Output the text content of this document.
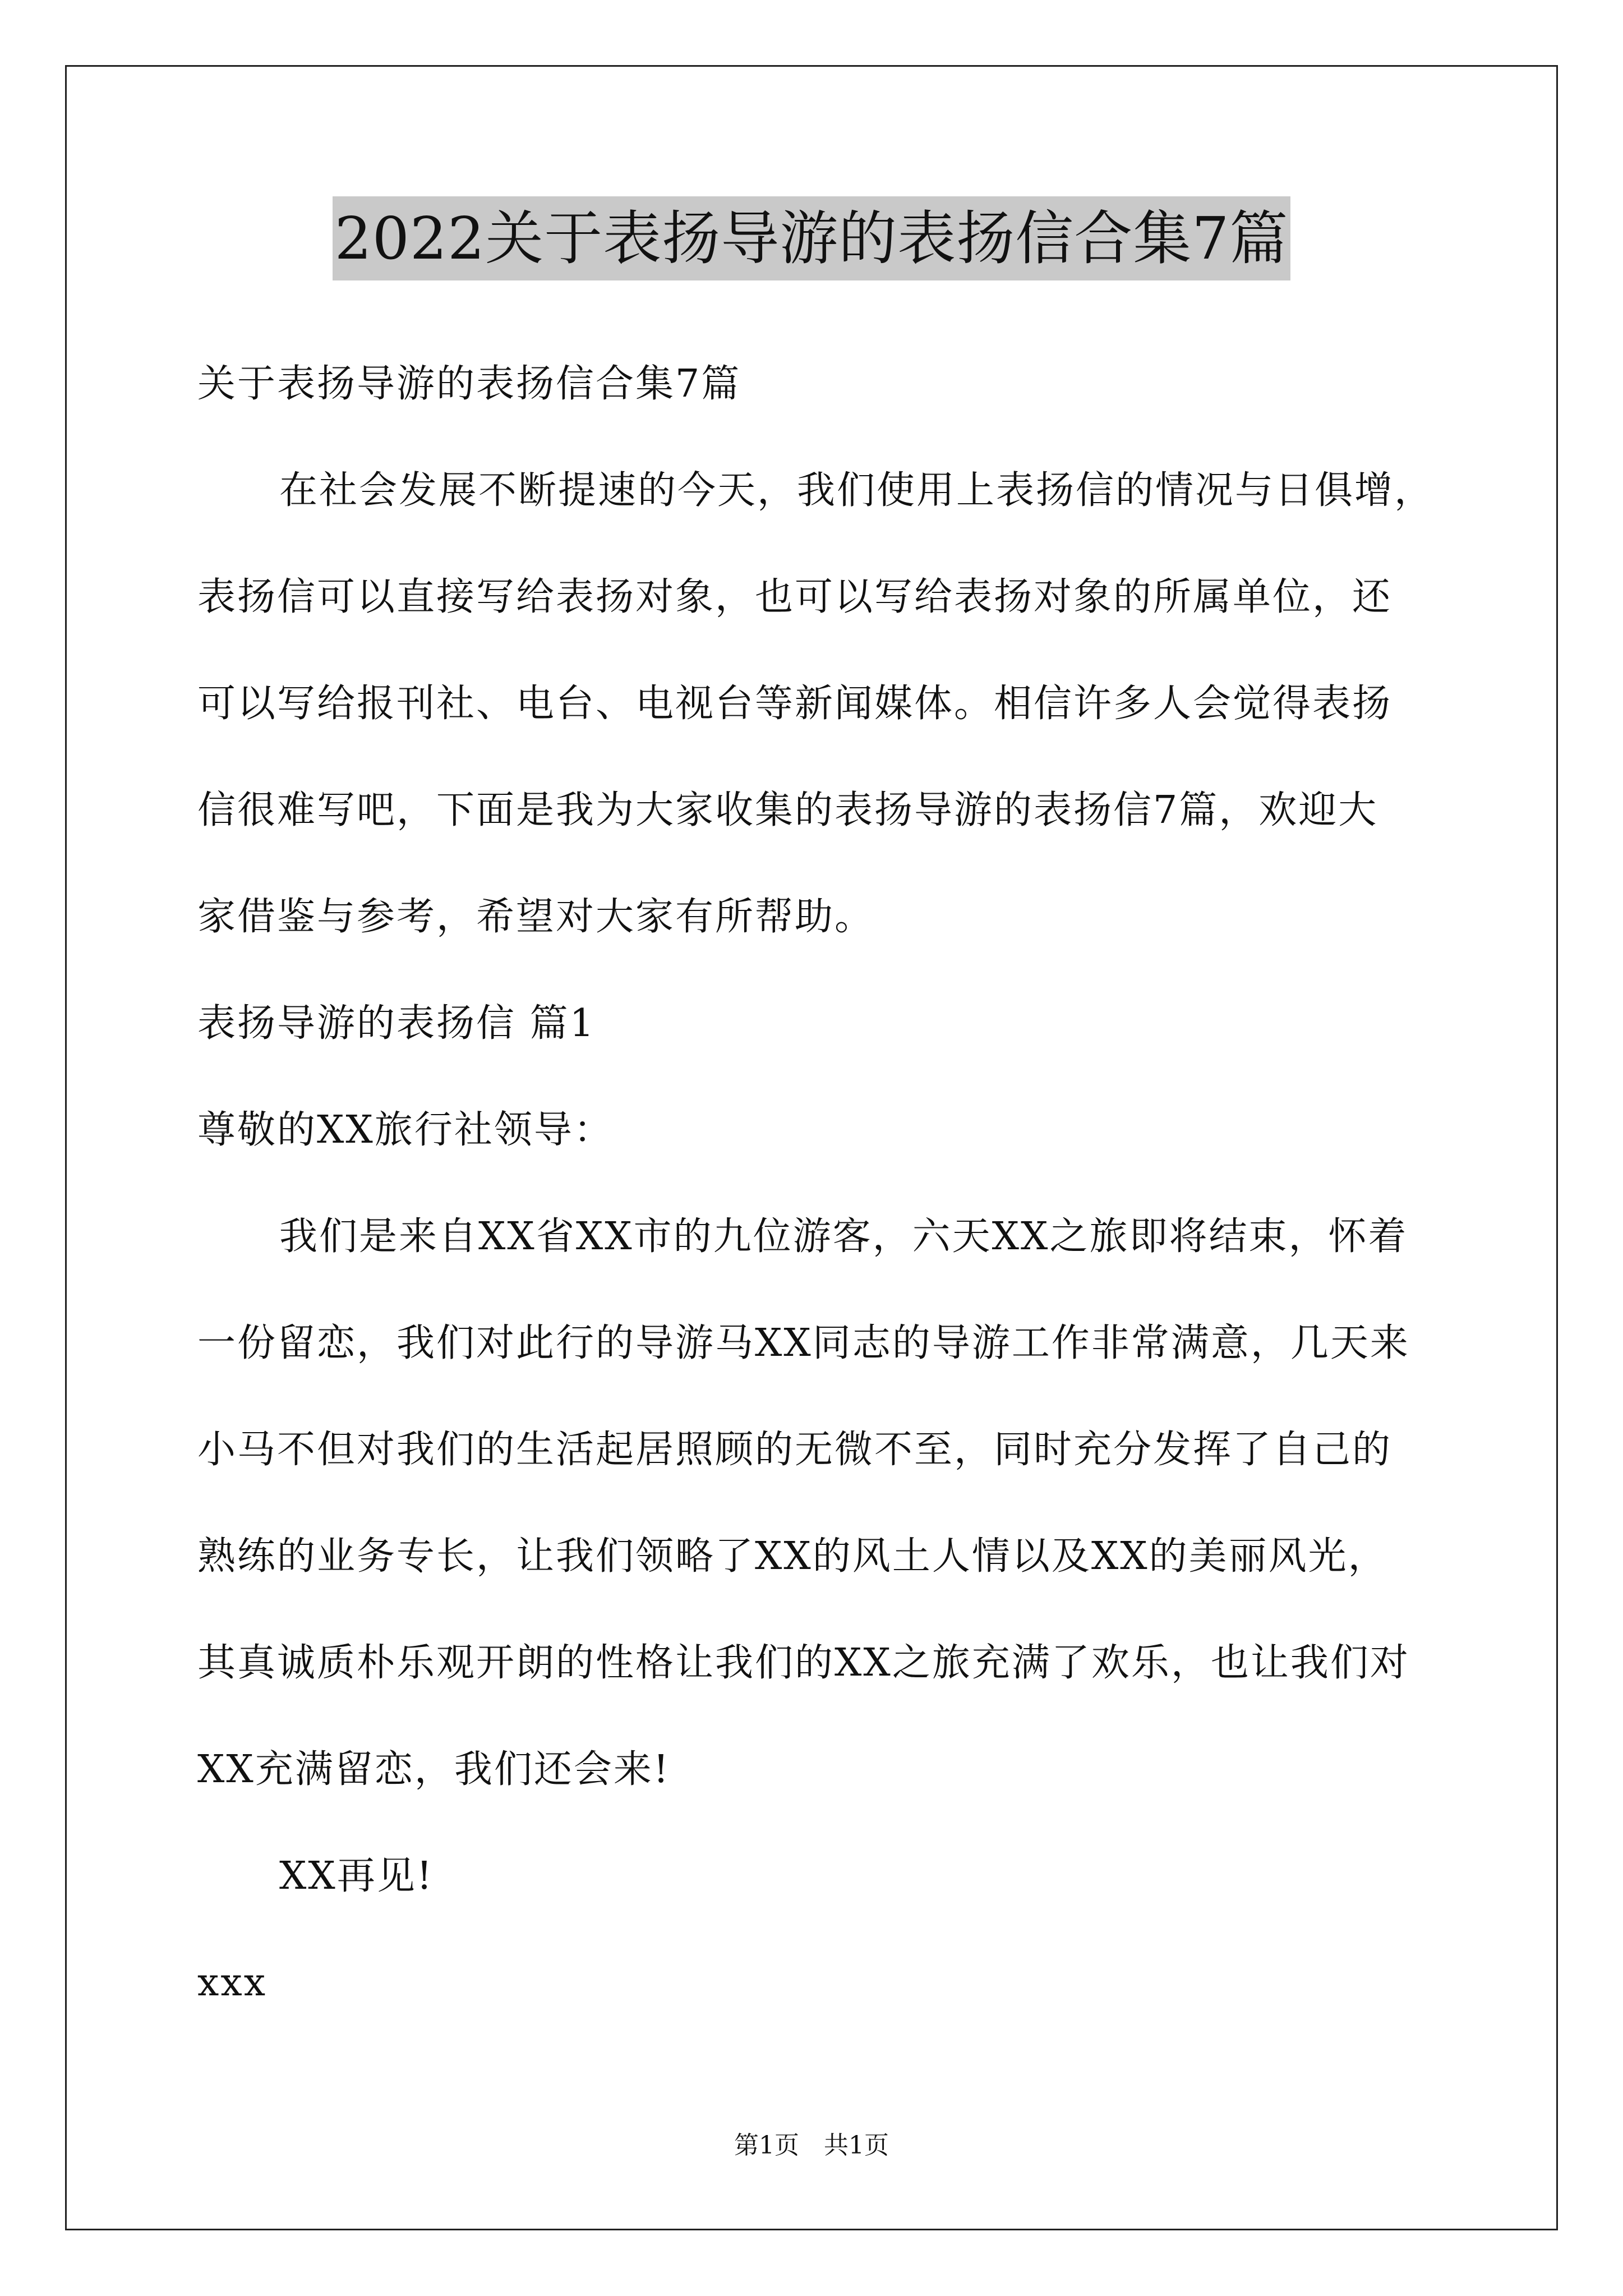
2022关于表扬导游的表扬信合集7篇
关于表扬导游的表扬信合集7篇
在社会发展不断提速的今天，我们使用上表扬信的情况与日俱增，
表扬信可以直接写给表扬对象，也可以写给表扬对象的所属单位，还
可以写给报刊社、电台、电视台等新闻媒体。相信许多人会觉得表扬
信很难写吧，下面是我为大家收集的表扬导游的表扬信7篇，欢迎大
家借鉴与参考，希望对大家有所帮助。
表扬导游的表扬信 篇1
尊敬的XX旅行社领导：
我们是来自XX省XX市的九位游客，六天XX之旅即将结束，怀着
一份留恋，我们对此行的导游马XX同志的导游工作非常满意，几天来
小马不但对我们的生活起居照顾的无微不至，同时充分发挥了自己的
熟练的业务专长，让我们领略了XX的风土人情以及XX的美丽风光，
其真诚质朴乐观开朗的性格让我们的XX之旅充满了欢乐，也让我们对
XX充满留恋，我们还会来!
XX再见!
xxx
第1页　共1页
